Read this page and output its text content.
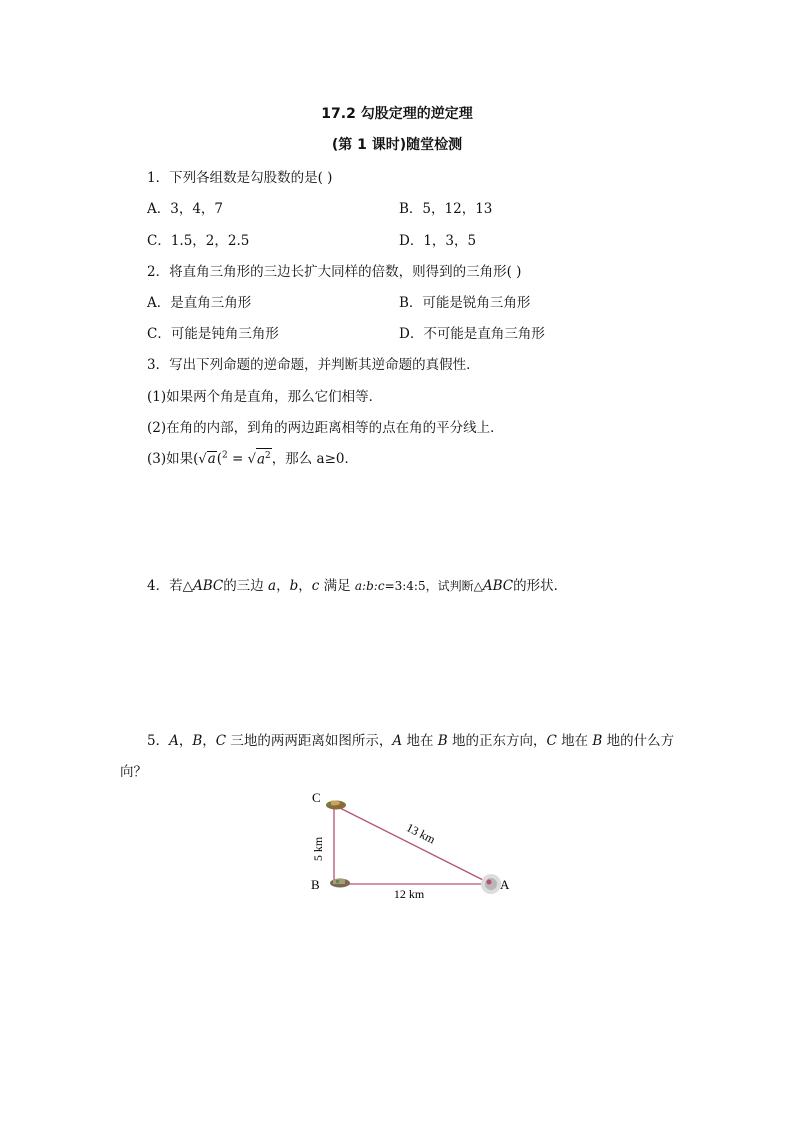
17.2 勾股定理的逆定理
(第 1 课时)随堂检测
1．下列各组数是勾股数的是( )
A．3，4，7	B．5，12，13
C．1.5，2，2.5	D．1，3，5
2．将直角三角形的三边长扩大同样的倍数，则得到的三角形( )
A．是直角三角形	B．可能是锐角三角形
C．可能是钝角三角形	D．不可能是直角三角形
3．写出下列命题的逆命题，并判断其逆命题的真假性．
(1)如果两个角是直角，那么它们相等．
(2)在角的内部，到角的两边距离相等的点在角的平分线上．
(3)如果($√a(^2 = √a^2$，那么 a≥0．
4．若△ABC的三边 a，b，c 满足 a:b:c=3:4:5，试判断△ABC的形状．
5．A，B，C 三地的两两距离如图所示，A 地在 B 地的正东方向，C 地在 B 地的什么方
向？
C
B	A
5 km
12 km
13 km
